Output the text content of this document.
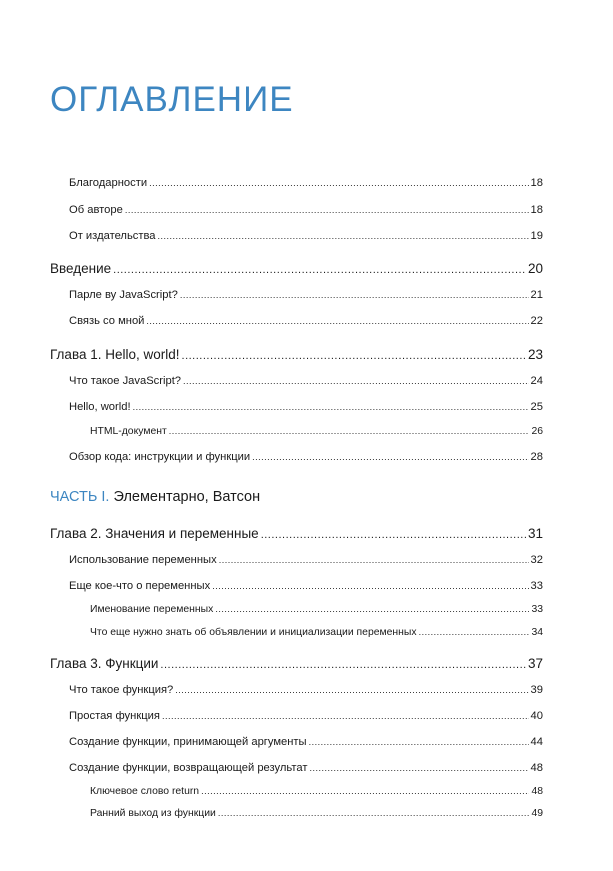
ОГЛАВЛЕНИЕ
Благодарности .....	18
Об авторе .....	18
От издательства .....	19
Введение .....	20
Парле ву JavaScript? .....	21
Связь со мной .....	22
Глава 1. Hello, world! .....	23
Что такое JavaScript? .....	24
Hello, world! .....	25
HTML-документ .....	26
Обзор кода: инструкции и функции .....	28
ЧАСТЬ I. Элементарно, Ватсон
Глава 2. Значения и переменные .....	31
Использование переменных .....	32
Еще кое-что о переменных .....	33
Именование переменных .....	33
Что еще нужно знать об объявлении и инициализации переменных .....	34
Глава 3. Функции .....	37
Что такое функция? .....	39
Простая функция .....	40
Создание функции, принимающей аргументы .....	44
Создание функции, возвращающей результат .....	48
Ключевое слово return .....	48
Ранний выход из функции .....	49
